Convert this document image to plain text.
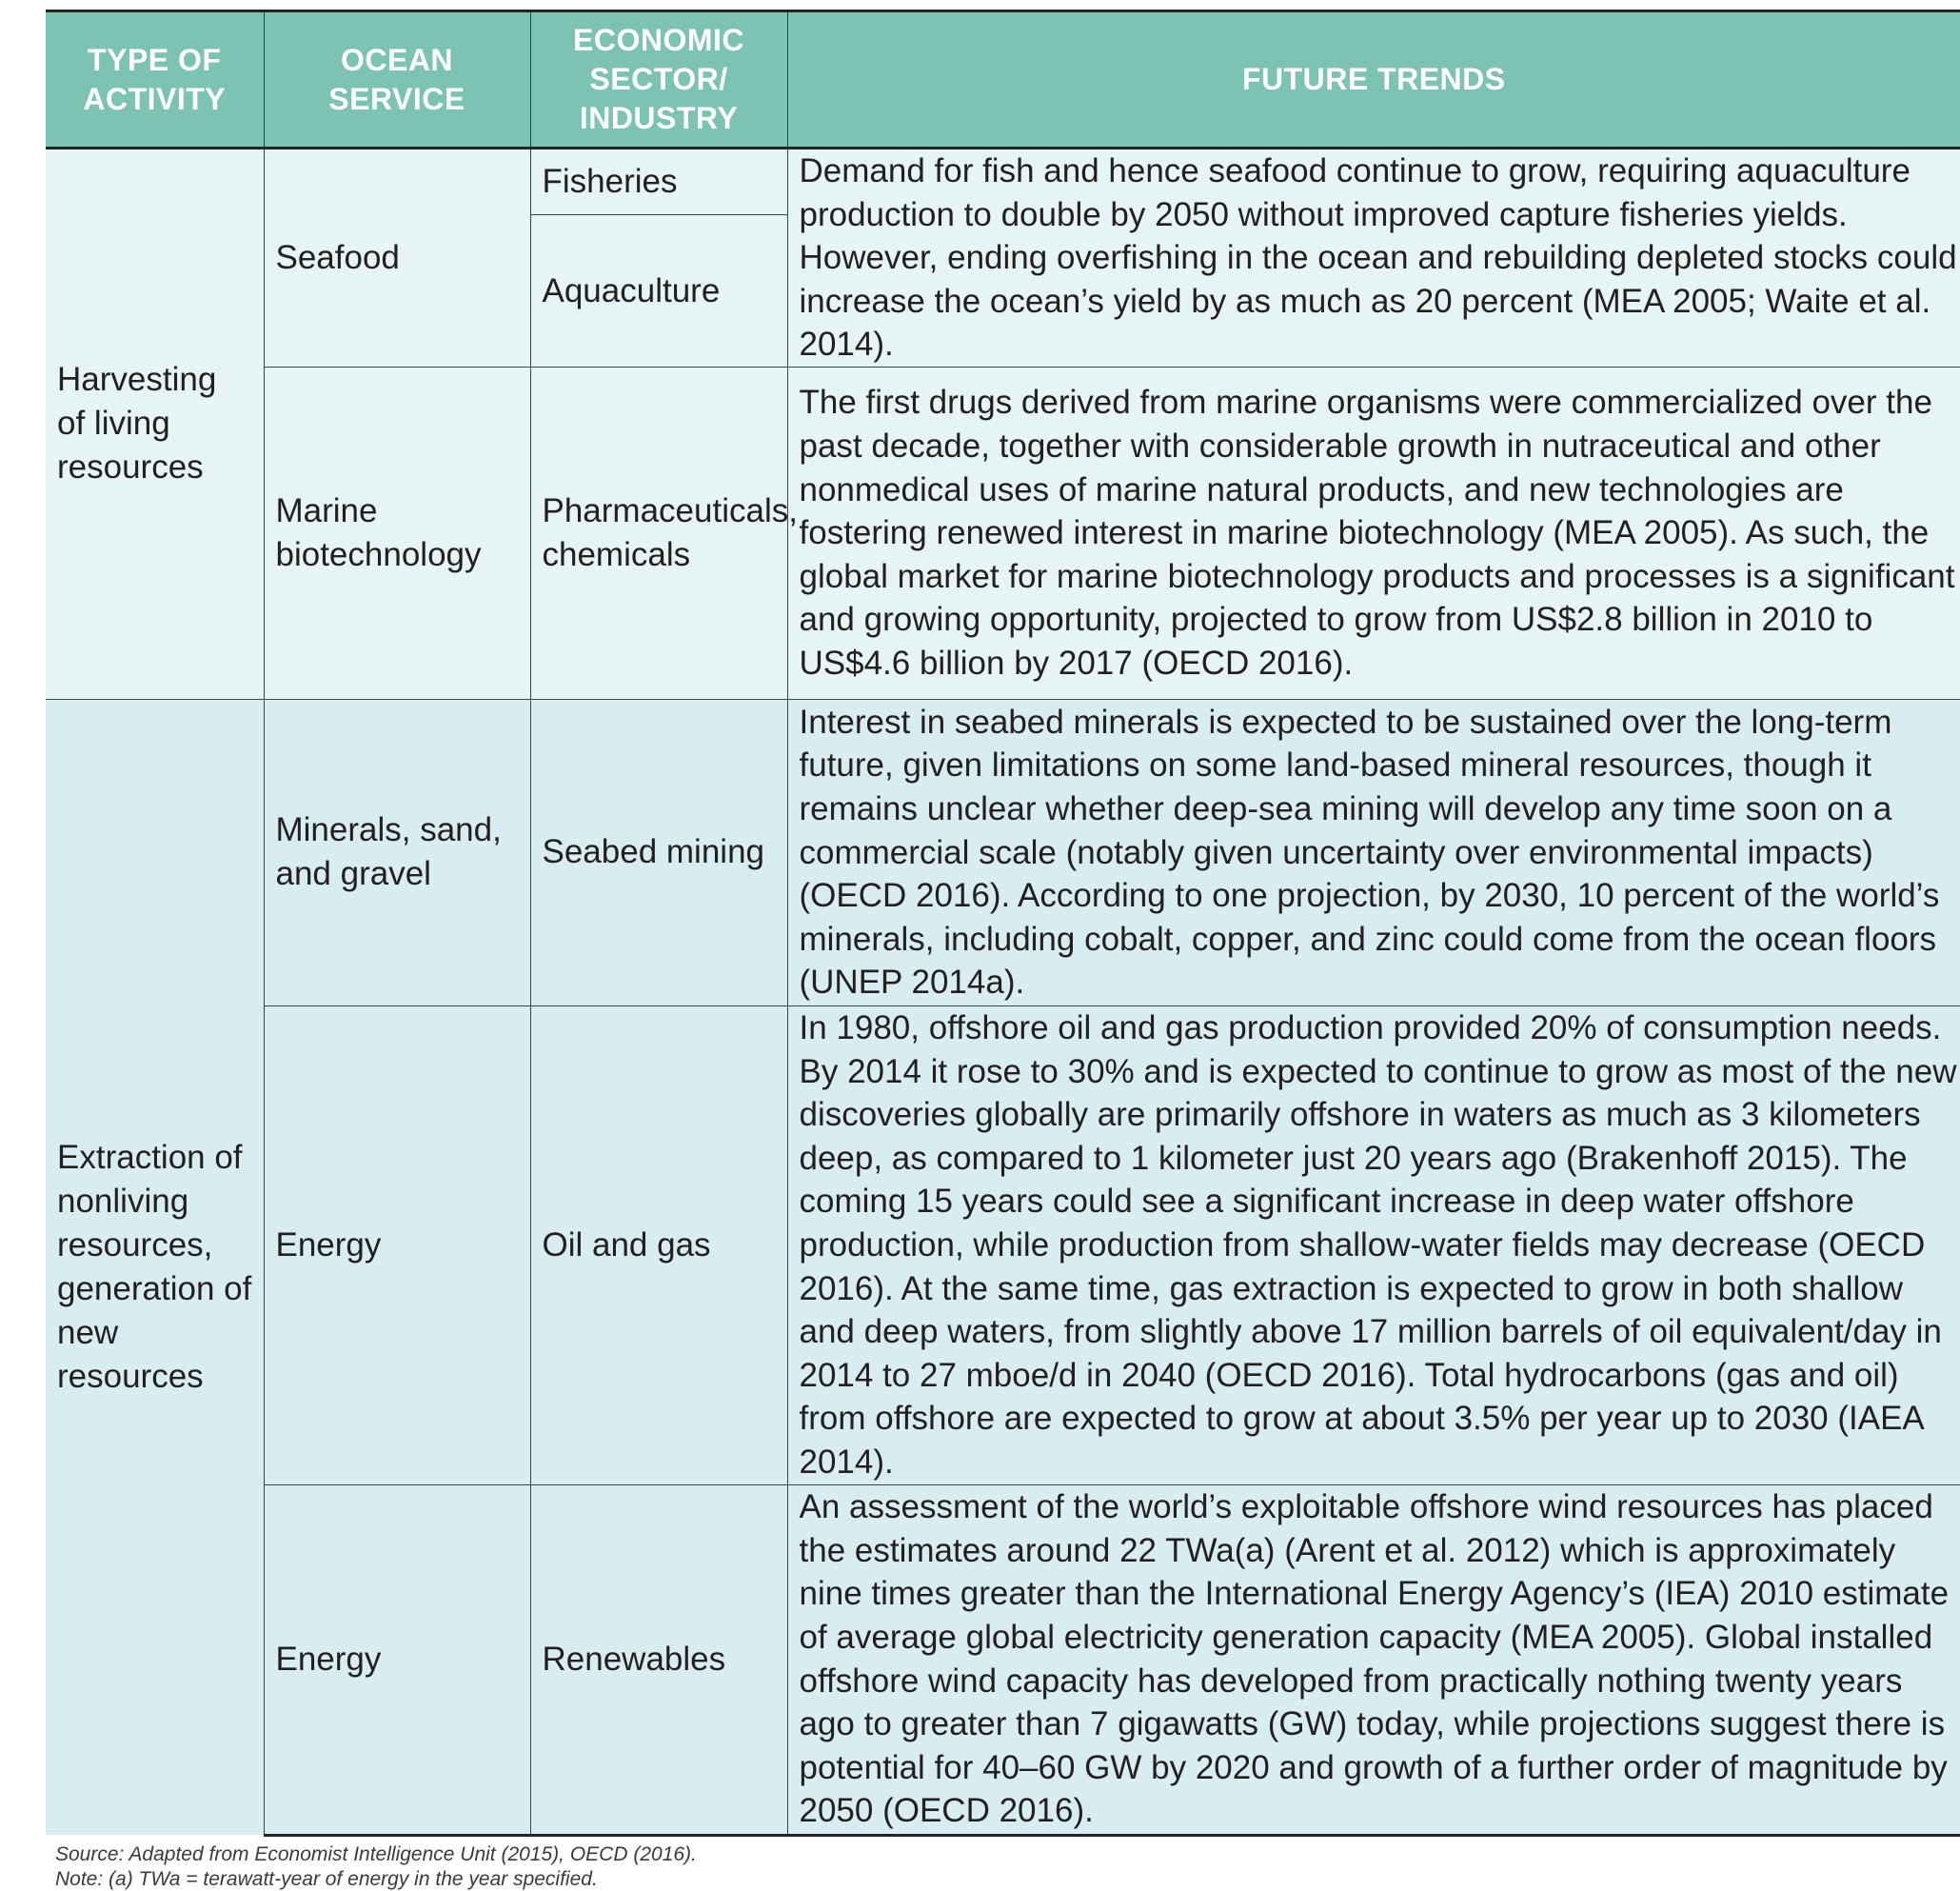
TYPE OF ACTIVITY	OCEAN SERVICE	ECONOMIC SECTOR/ INDUSTRY	FUTURE TRENDS
Harvesting of living resources	Seafood	Fisheries	Demand for fish and hence seafood continue to grow, requiring aquaculture production to double by 2050 without improved capture fisheries yields. However, ending overfishing in the ocean and rebuilding depleted stocks could increase the ocean’s yield by as much as 20 percent (MEA 2005; Waite et al. 2014).
		Aquaculture	
	Marine biotechnology	Pharmaceuticals, chemicals	The first drugs derived from marine organisms were commercialized over the past decade, together with considerable growth in nutraceutical and other nonmedical uses of marine natural products, and new technologies are fostering renewed interest in marine biotechnology (MEA 2005). As such, the global market for marine biotechnology products and processes is a significant and growing opportunity, projected to grow from US$2.8 billion in 2010 to US$4.6 billion by 2017 (OECD 2016).
Extraction of nonliving resources, generation of new resources	Minerals, sand, and gravel	Seabed mining	Interest in seabed minerals is expected to be sustained over the long-term future, given limitations on some land-based mineral resources, though it remains unclear whether deep-sea mining will develop any time soon on a commercial scale (notably given uncertainty over environmental impacts) (OECD 2016). According to one projection, by 2030, 10 percent of the world’s minerals, including cobalt, copper, and zinc could come from the ocean floors (UNEP 2014a).
	Energy	Oil and gas	In 1980, offshore oil and gas production provided 20% of consumption needs. By 2014 it rose to 30% and is expected to continue to grow as most of the new discoveries globally are primarily offshore in waters as much as 3 kilometers deep, as compared to 1 kilometer just 20 years ago (Brakenhoff 2015). The coming 15 years could see a significant increase in deep water offshore production, while production from shallow-water fields may decrease (OECD 2016). At the same time, gas extraction is expected to grow in both shallow and deep waters, from slightly above 17 million barrels of oil equivalent/day in 2014 to 27 mboe/d in 2040 (OECD 2016). Total hydrocarbons (gas and oil) from offshore are expected to grow at about 3.5% per year up to 2030 (IAEA 2014).
	Energy	Renewables	An assessment of the world’s exploitable offshore wind resources has placed the estimates around 22 TWa(a) (Arent et al. 2012) which is approximately nine times greater than the International Energy Agency’s (IEA) 2010 estimate of average global electricity generation capacity (MEA 2005). Global installed offshore wind capacity has developed from practically nothing twenty years ago to greater than 7 gigawatts (GW) today, while projections suggest there is potential for 40–60 GW by 2020 and growth of a further order of magnitude by 2050 (OECD 2016).
Source: Adapted from Economist Intelligence Unit (2015), OECD (2016).
Note: (a) TWa = terawatt-year of energy in the year specified.
